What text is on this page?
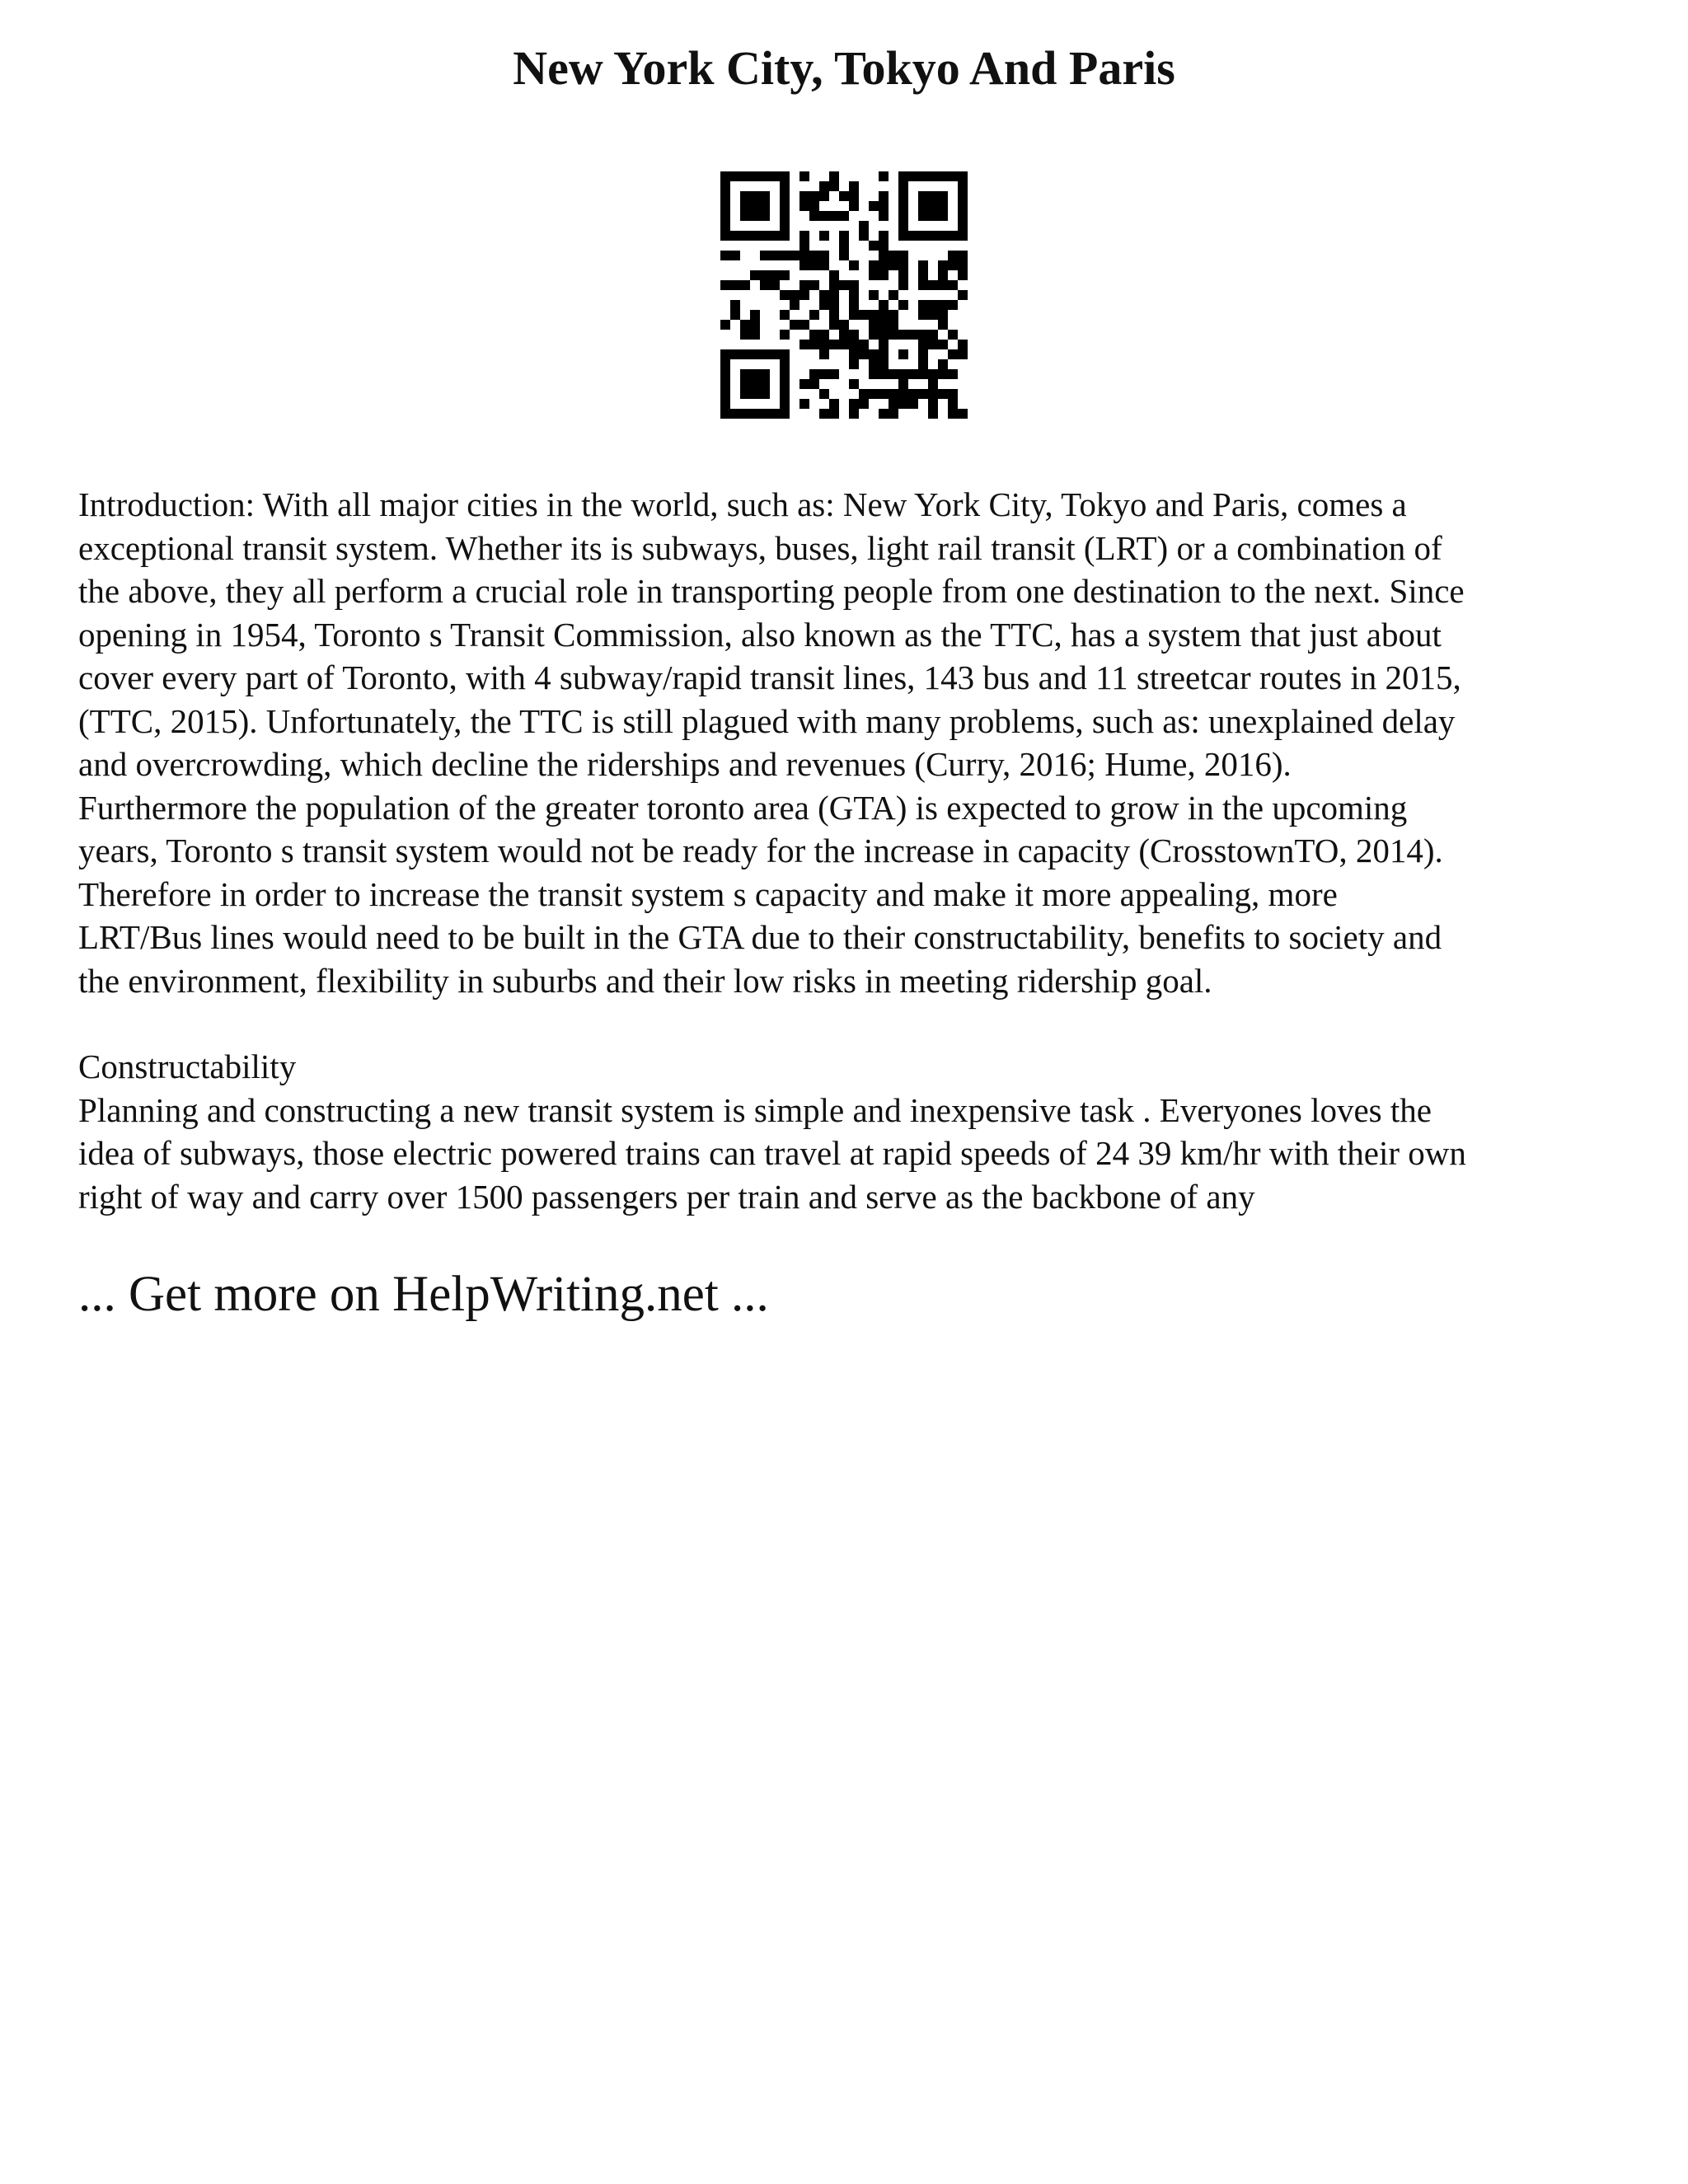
New York City, Tokyo And Paris
Introduction: With all major cities in the world, such as: New York City, Tokyo and Paris, comes a
exceptional transit system. Whether its is subways, buses, light rail transit (LRT) or a combination of
the above, they all perform a crucial role in transporting people from one destination to the next. Since
opening in 1954, Toronto s Transit Commission, also known as the TTC, has a system that just about
cover every part of Toronto, with 4 subway/rapid transit lines, 143 bus and 11 streetcar routes in 2015,
(TTC, 2015). Unfortunately, the TTC is still plagued with many problems, such as: unexplained delay
and overcrowding, which decline the riderships and revenues (Curry, 2016; Hume, 2016).
Furthermore the population of the greater toronto area (GTA) is expected to grow in the upcoming
years, Toronto s transit system would not be ready for the increase in capacity (CrosstownTO, 2014).
Therefore in order to increase the transit system s capacity and make it more appealing, more
LRT/Bus lines would need to be built in the GTA due to their constructability, benefits to society and
the environment, flexibility in suburbs and their low risks in meeting ridership goal.
Constructability
Planning and constructing a new transit system is simple and inexpensive task . Everyones loves the
idea of subways, those electric powered trains can travel at rapid speeds of 24 39 km/hr with their own
right of way and carry over 1500 passengers per train and serve as the backbone of any

... Get more on HelpWriting.net ...
